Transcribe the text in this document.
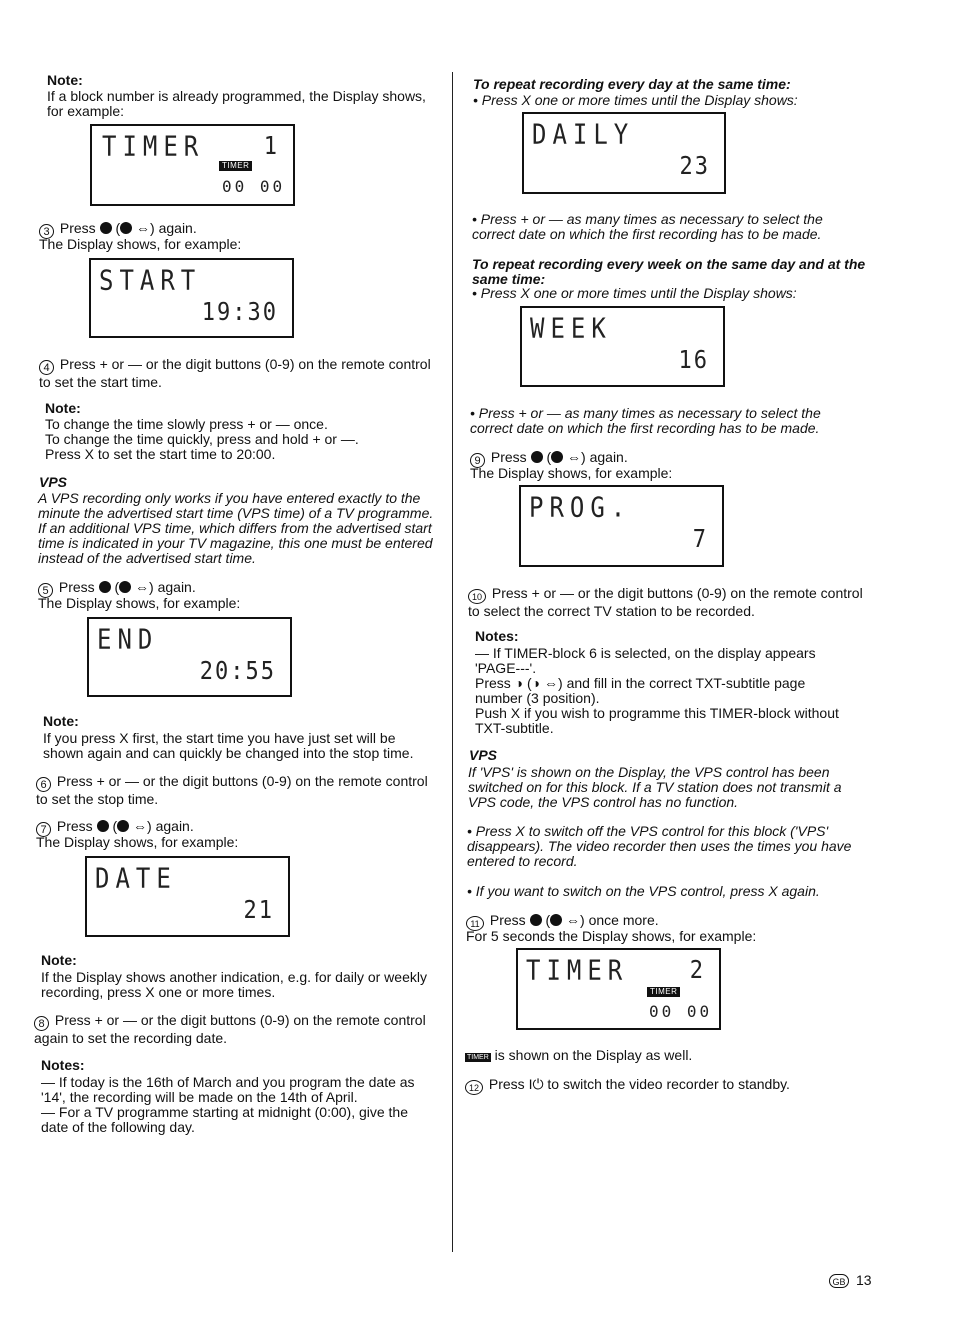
Note:
If a block number is already programmed, the Display shows,
for example:
TIMER	1
TIMER
00 00
3 Press  ( ⇔) again.
The Display shows, for example:
START
19:30
4 Press + or — or the digit buttons (0-9) on the remote control
to set the start time.
Note:
To change the time slowly press + or — once.
To change the time quickly, press and hold + or —.
Press X to set the start time to 20:00.
VPS
A VPS recording only works if you have entered exactly to the
minute the advertised start time (VPS time) of a TV programme.
If an additional VPS time, which differs from the advertised start
time is indicated in your TV magazine, this one must be entered
instead of the advertised start time.
5 Press  ( ⇔) again.
The Display shows, for example:
END
20:55
Note:
If you press X first, the start time you have just set will be
shown again and can quickly be changed into the stop time.
6 Press + or — or the digit buttons (0-9) on the remote control
to set the stop time.
7 Press  ( ⇔) again.
The Display shows, for example:
DATE
21
Note:
If the Display shows another indication, e.g. for daily or weekly
recording, press X one or more times.
8 Press + or — or the digit buttons (0-9) on the remote control
again to set the recording date.
Notes:
— If today is the 16th of March and you program the date as
'14', the recording will be made on the 14th of April.
— For a TV programme starting at midnight (0:00), give the
date of the following day.
To repeat recording every day at the same time:
• Press X one or more times until the Display shows:
DAILY
23
• Press + or — as many times as necessary to select the
correct date on which the first recording has to be made.
To repeat recording every week on the same day and at the
same time:
• Press X one or more times until the Display shows:
WEEK
16
• Press + or — as many times as necessary to select the
correct date on which the first recording has to be made.
9 Press  ( ⇔) again.
The Display shows, for example:
PROG.
7
10 Press + or — or the digit buttons (0-9) on the remote control
to select the correct TV station to be recorded.
Notes:
— If TIMER-block 6 is selected, on the display appears
'PAGE---'.
Press ◑ (◑ ⇔) and fill in the correct TXT-subtitle page
number (3 position).
Push X if you wish to programme this TIMER-block without
TXT-subtitle.
VPS
If 'VPS' is shown on the Display, the VPS control has been
switched on for this block. If a TV station does not transmit a
VPS code, the VPS control has no function.
• Press X to switch off the VPS control for this block ('VPS'
disappears). The video recorder then uses the times you have
entered to record.
• If you want to switch on the VPS control, press X again.
11 Press  ( ⇔) once more.
For 5 seconds the Display shows, for example:
TIMER	2
TIMER
00 00
TIMER is shown on the Display as well.
12 Press I⏻ to switch the video recorder to standby.
GB 13
